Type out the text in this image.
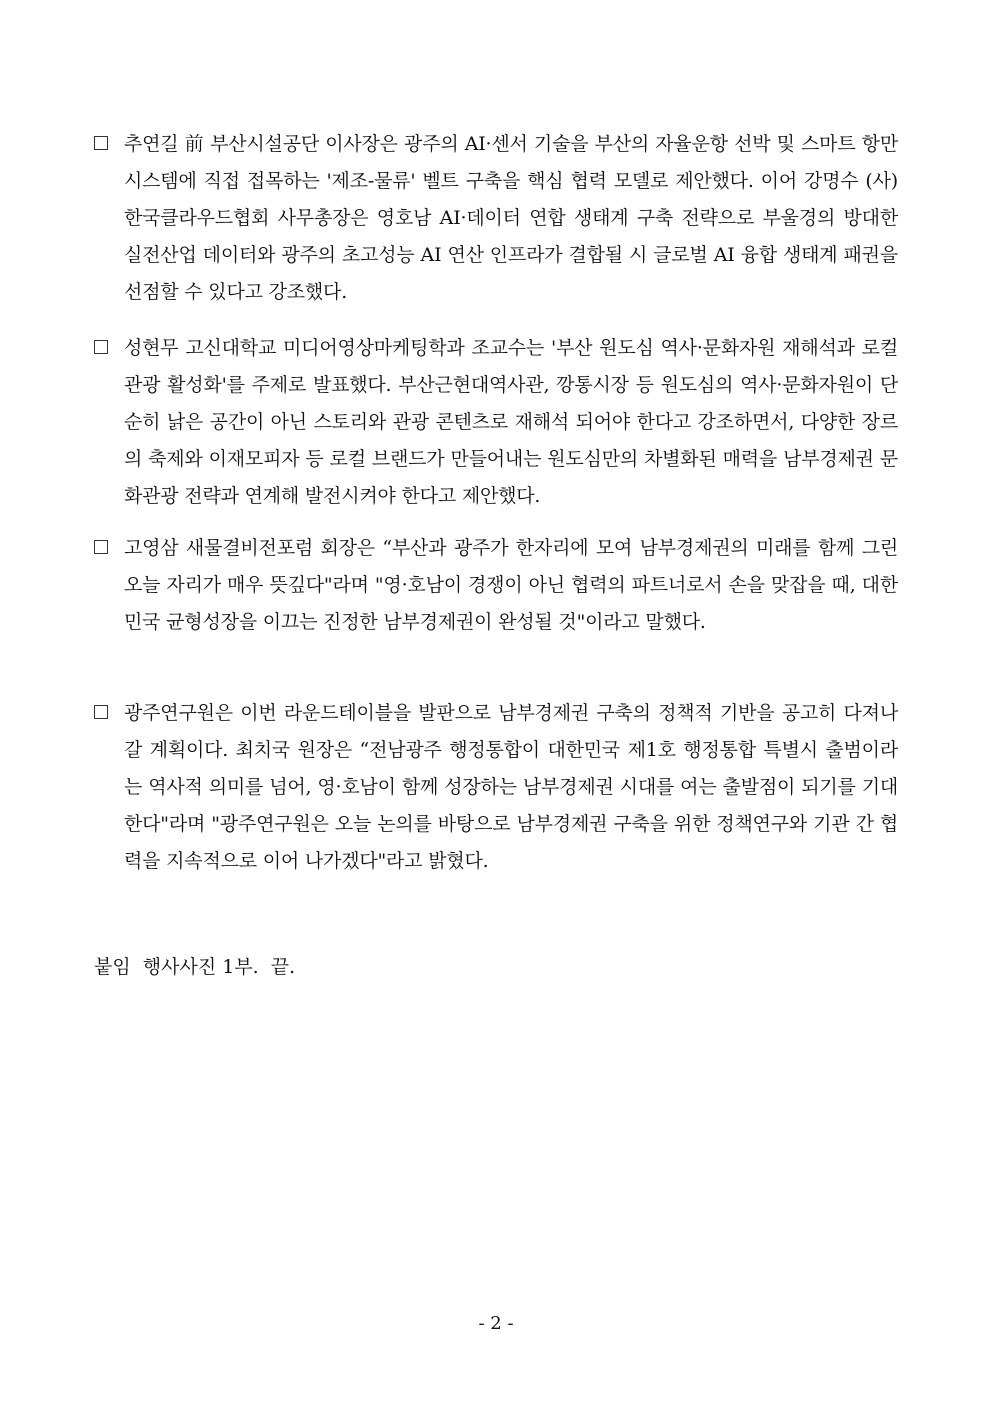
추연길 前 부산시설공단 이사장은 광주의 AI·센서 기술을 부산의 자율운항 선박 및 스마트 항만 시스템에 직접 접목하는 '제조-물류' 벨트 구축을 핵심 협력 모델로 제안했다. 이어 강명수 (사)한국클라우드협회 사무총장은 영호남 AI·데이터 연합 생태계 구축 전략으로 부울경의 방대한 실전산업 데이터와 광주의 초고성능 AI 연산 인프라가 결합될 시 글로벌 AI 융합 생태계 패권을 선점할 수 있다고 강조했다.
성현무 고신대학교 미디어영상마케팅학과 조교수는 '부산 원도심 역사·문화자원 재해석과 로컬관광 활성화'를 주제로 발표했다. 부산근현대역사관, 깡통시장 등 원도심의 역사·문화자원이 단순히 낡은 공간이 아닌 스토리와 관광 콘텐츠로 재해석 되어야 한다고 강조하면서, 다양한 장르의 축제와 이재모피자 등 로컬 브랜드가 만들어내는 원도심만의 차별화된 매력을 남부경제권 문화관광 전략과 연계해 발전시켜야 한다고 제안했다.
고영삼 새물결비전포럼 회장은 “부산과 광주가 한자리에 모여 남부경제권의 미래를 함께 그린 오늘 자리가 매우 뜻깊다"라며 "영·호남이 경쟁이 아닌 협력의 파트너로서 손을 맞잡을 때, 대한민국 균형성장을 이끄는 진정한 남부경제권이 완성될 것"이라고 말했다.
광주연구원은 이번 라운드테이블을 발판으로 남부경제권 구축의 정책적 기반을 공고히 다져나갈 계획이다. 최치국 원장은 “전남광주 행정통합이 대한민국 제1호 행정통합 특별시 출범이라는 역사적 의미를 넘어, 영·호남이 함께 성장하는 남부경제권 시대를 여는 출발점이 되기를 기대한다"라며 "광주연구원은 오늘 논의를 바탕으로 남부경제권 구축을 위한 정책연구와 기관 간 협력을 지속적으로 이어 나가겠다"라고 밝혔다.
붙임  행사사진 1부.  끝.
- 2 -
